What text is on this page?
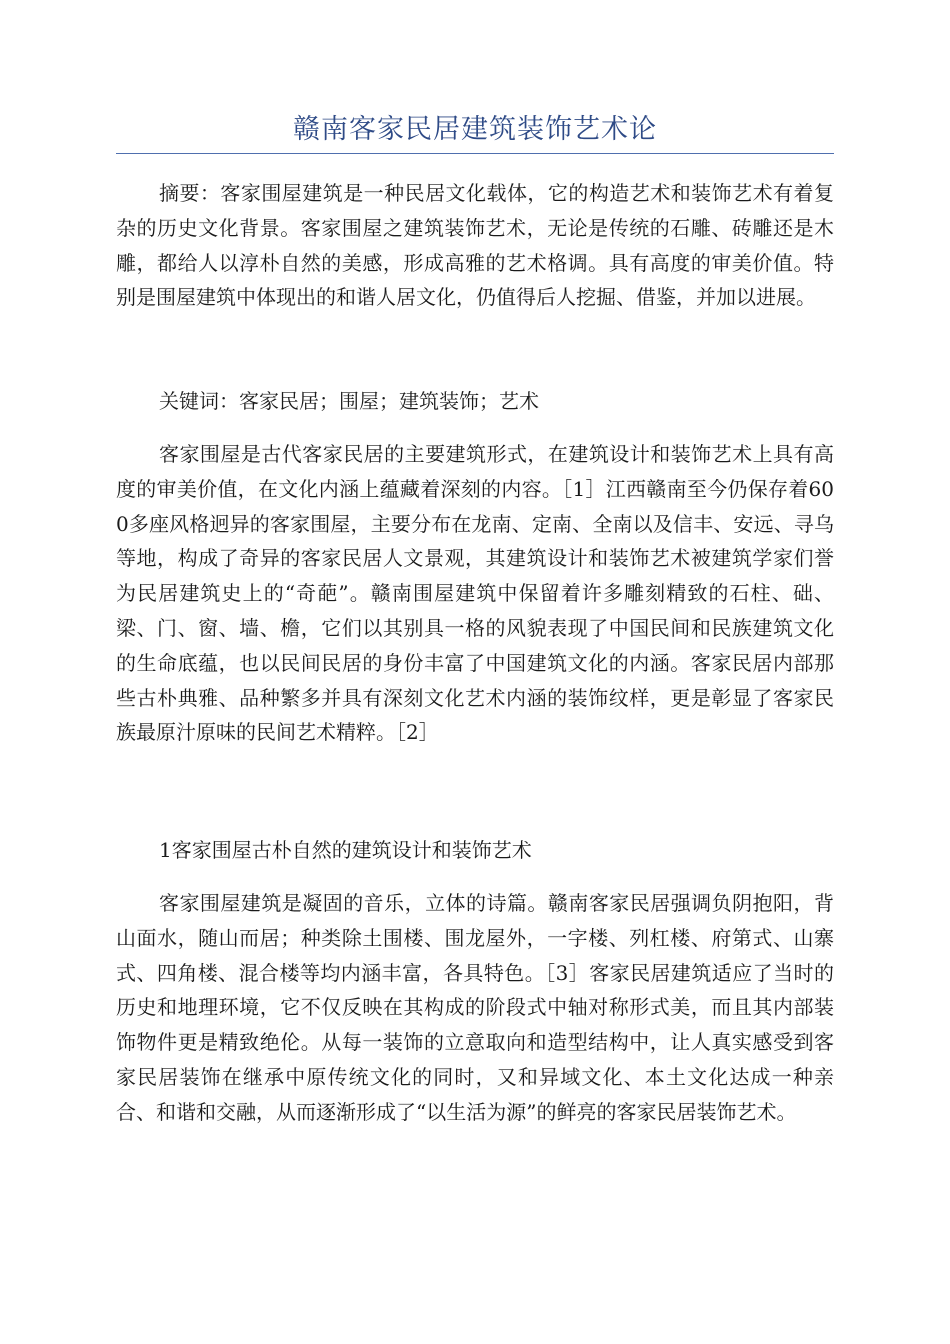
赣南客家民居建筑装饰艺术论

摘要：客家围屋建筑是一种民居文化载体，它的构造艺术和装饰艺术有着复杂的历史文化背景。客家围屋之建筑装饰艺术，无论是传统的石雕、砖雕还是木雕，都给人以淳朴自然的美感，形成高雅的艺术格调。具有高度的审美价值。特别是围屋建筑中体现出的和谐人居文化，仍值得后人挖掘、借鉴，并加以进展。

关键词：客家民居；围屋；建筑装饰；艺术

客家围屋是古代客家民居的主要建筑形式，在建筑设计和装饰艺术上具有高度的审美价值，在文化内涵上蕴藏着深刻的内容。［1］江西赣南至今仍保存着600多座风格迥异的客家围屋，主要分布在龙南、定南、全南以及信丰、安远、寻乌等地，构成了奇异的客家民居人文景观，其建筑设计和装饰艺术被建筑学家们誉为民居建筑史上的“奇葩”。赣南围屋建筑中保留着许多雕刻精致的石柱、础、梁、门、窗、墙、檐，它们以其别具一格的风貌表现了中国民间和民族建筑文化的生命底蕴，也以民间民居的身份丰富了中国建筑文化的内涵。客家民居内部那些古朴典雅、品种繁多并具有深刻文化艺术内涵的装饰纹样，更是彰显了客家民族最原汁原味的民间艺术精粹。［2］

1客家围屋古朴自然的建筑设计和装饰艺术

客家围屋建筑是凝固的音乐，立体的诗篇。赣南客家民居强调负阴抱阳，背山面水，随山而居；种类除土围楼、围龙屋外，一字楼、列杠楼、府第式、山寨式、四角楼、混合楼等均内涵丰富，各具特色。［3］客家民居建筑适应了当时的历史和地理环境，它不仅反映在其构成的阶段式中轴对称形式美，而且其内部装饰物件更是精致绝伦。从每一装饰的立意取向和造型结构中，让人真实感受到客家民居装饰在继承中原传统文化的同时，又和异域文化、本土文化达成一种亲合、和谐和交融，从而逐渐形成了“以生活为源”的鲜亮的客家民居装饰艺术。
